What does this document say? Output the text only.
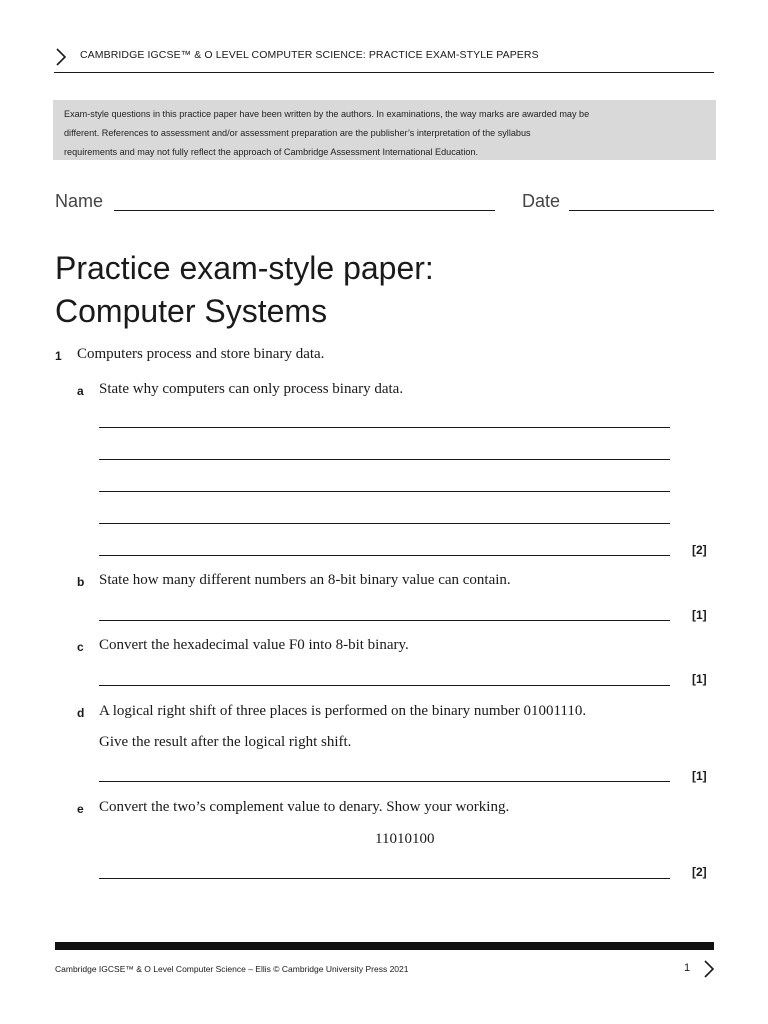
CAMBRIDGE IGCSE™ & O LEVEL COMPUTER SCIENCE: PRACTICE EXAM-STYLE PAPERS
Exam-style questions in this practice paper have been written by the authors. In examinations, the way marks are awarded may be
different. References to assessment and/or assessment preparation are the publisher’s interpretation of the syllabus
requirements and may not fully reflect the approach of Cambridge Assessment International Education.
Name	Date
Practice exam-style paper:
Computer Systems
1 Computers process and store binary data.
a State why computers can only process binary data.
[2]
b State how many different numbers an 8-bit binary value can contain.
[1]
c Convert the hexadecimal value F0 into 8-bit binary.
[1]
d A logical right shift of three places is performed on the binary number 01001110.
Give the result after the logical right shift.
[1]
e Convert the two’s complement value to denary. Show your working.
11010100
[2]
Cambridge IGCSE™ & O Level Computer Science – Ellis © Cambridge University Press 2021	1
